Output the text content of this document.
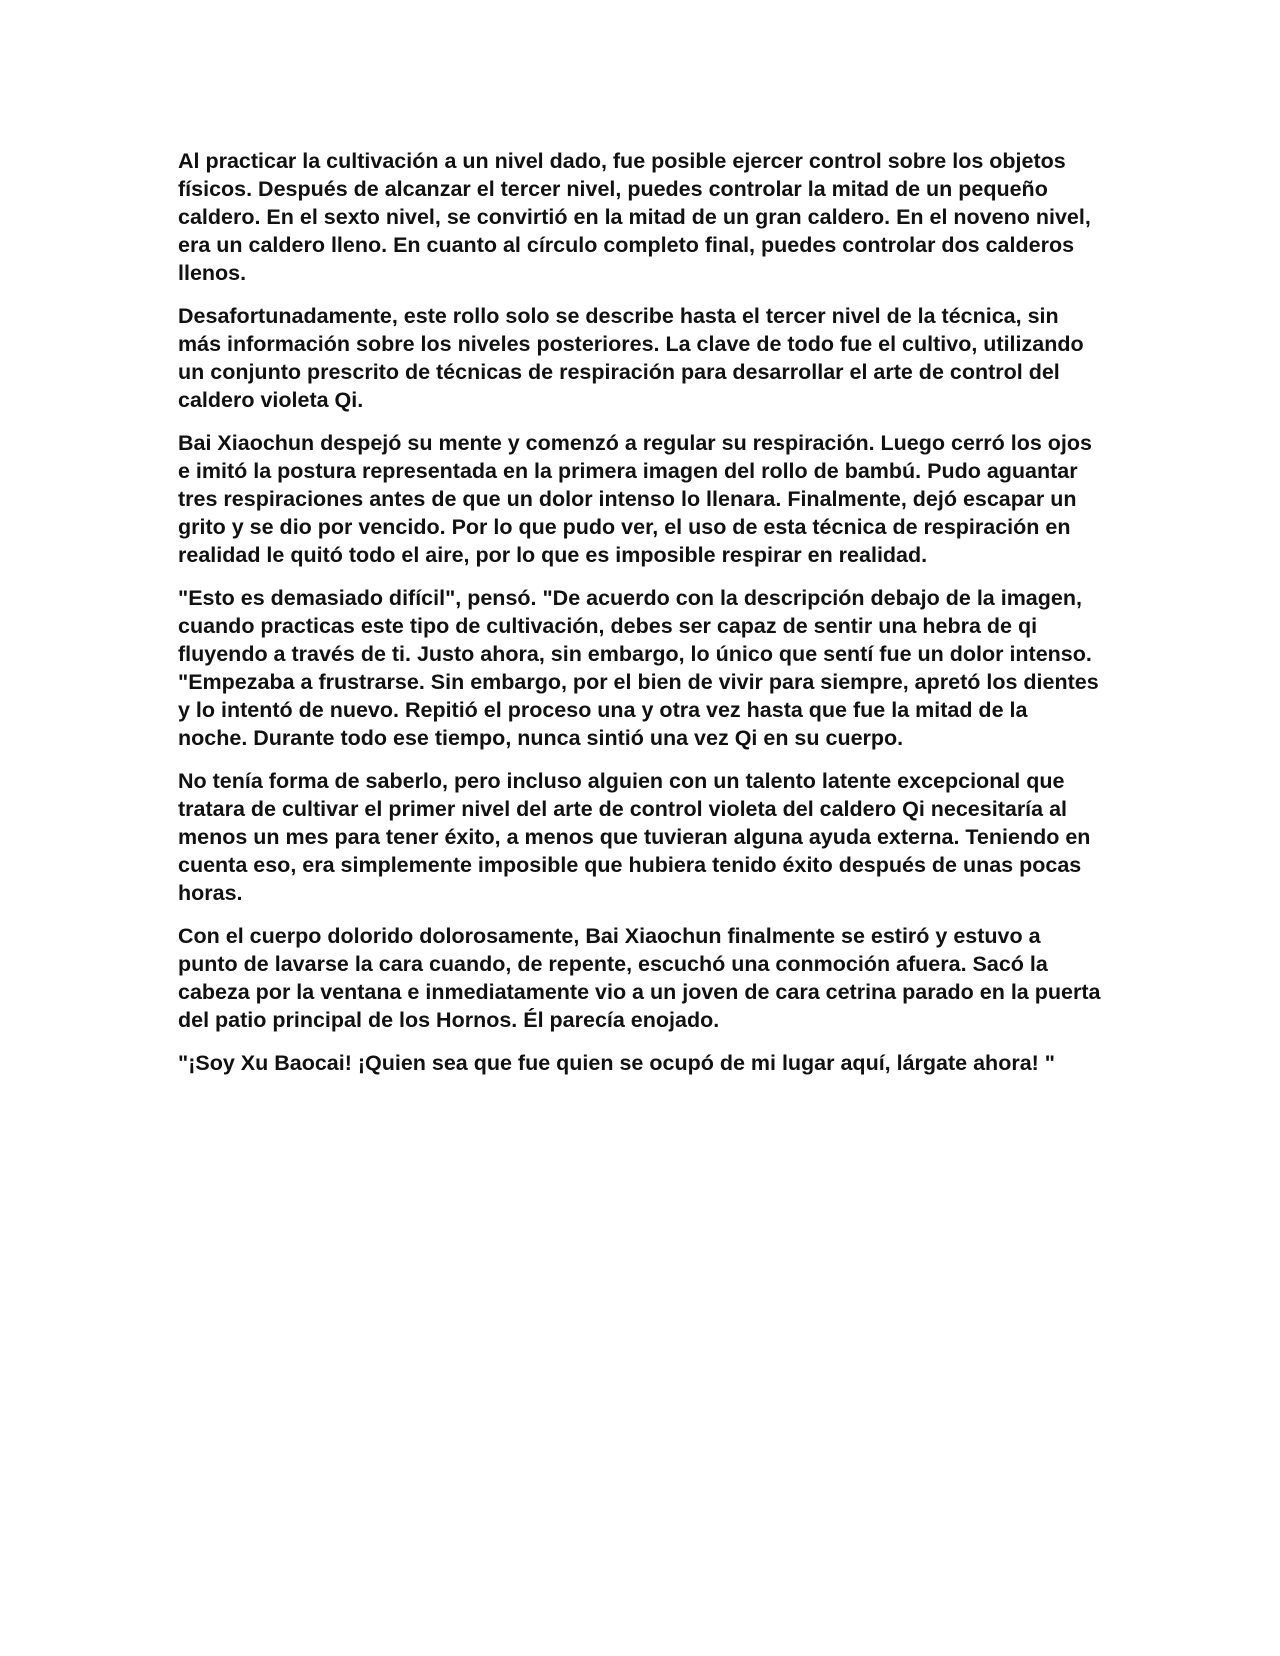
Al practicar la cultivación a un nivel dado, fue posible ejercer control sobre los objetos físicos. Después de alcanzar el tercer nivel, puedes controlar la mitad de un pequeño caldero. En el sexto nivel, se convirtió en la mitad de un gran caldero. En el noveno nivel, era un caldero lleno. En cuanto al círculo completo final, puedes controlar dos calderos llenos.

Desafortunadamente, este rollo solo se describe hasta el tercer nivel de la técnica, sin más información sobre los niveles posteriores. La clave de todo fue el cultivo, utilizando un conjunto prescrito de técnicas de respiración para desarrollar el arte de control del caldero violeta Qi.

Bai Xiaochun despejó su mente y comenzó a regular su respiración. Luego cerró los ojos e imitó la postura representada en la primera imagen del rollo de bambú. Pudo aguantar tres respiraciones antes de que un dolor intenso lo llenara. Finalmente, dejó escapar un grito y se dio por vencido. Por lo que pudo ver, el uso de esta técnica de respiración en realidad le quitó todo el aire, por lo que es imposible respirar en realidad.

"Esto es demasiado difícil", pensó. "De acuerdo con la descripción debajo de la imagen, cuando practicas este tipo de cultivación, debes ser capaz de sentir una hebra de qi fluyendo a través de ti. Justo ahora, sin embargo, lo único que sentí fue un dolor intenso. "Empezaba a frustrarse. Sin embargo, por el bien de vivir para siempre, apretó los dientes y lo intentó de nuevo. Repitió el proceso una y otra vez hasta que fue la mitad de la noche. Durante todo ese tiempo, nunca sintió una vez Qi en su cuerpo.

No tenía forma de saberlo, pero incluso alguien con un talento latente excepcional que tratara de cultivar el primer nivel del arte de control violeta del caldero Qi necesitaría al menos un mes para tener éxito, a menos que tuvieran alguna ayuda externa. Teniendo en cuenta eso, era simplemente imposible que hubiera tenido éxito después de unas pocas horas.

Con el cuerpo dolorido dolorosamente, Bai Xiaochun finalmente se estiró y estuvo a punto de lavarse la cara cuando, de repente, escuchó una conmoción afuera. Sacó la cabeza por la ventana e inmediatamente vio a un joven de cara cetrina parado en la puerta del patio principal de los Hornos. Él parecía enojado.

"¡Soy Xu Baocai! ¡Quien sea que fue quien se ocupó de mi lugar aquí, lárgate ahora! "
